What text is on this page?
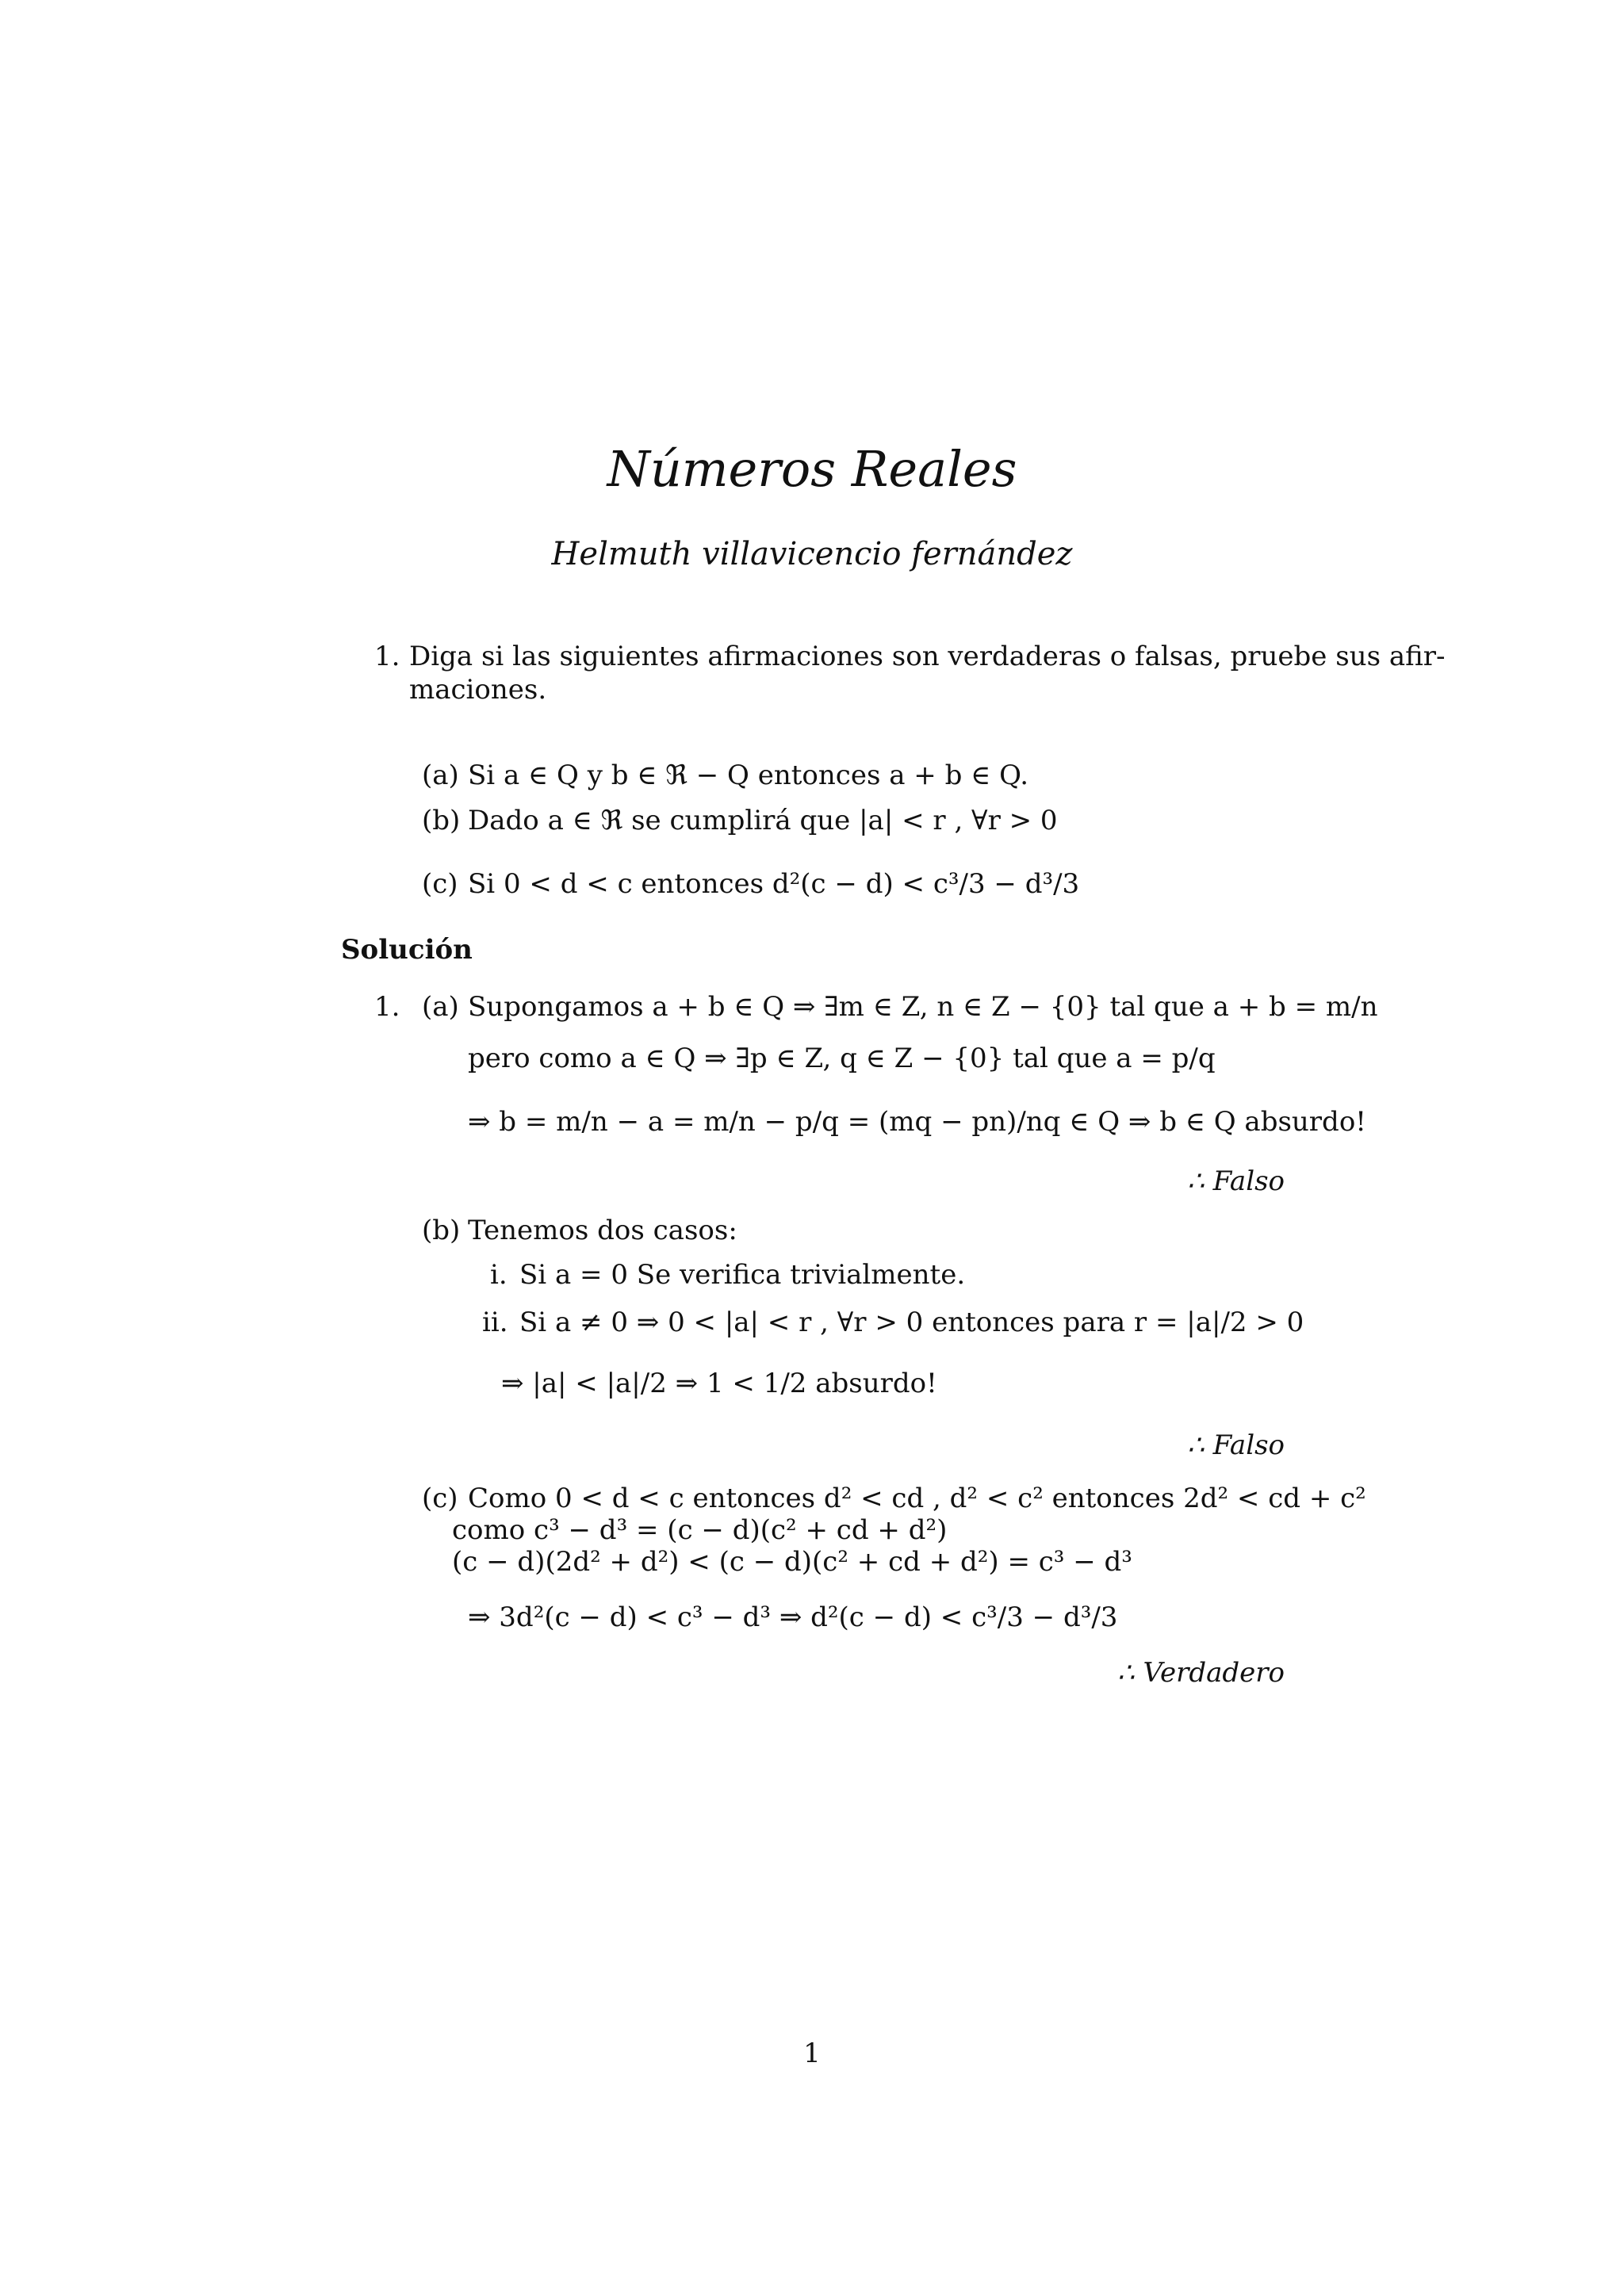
Números Reales
Helmuth villavicencio fernández
1. Diga si las siguientes afirmaciones son verdaderas o falsas, pruebe sus afir-
maciones.
(a) Si a ∈ Q y b ∈ ℜ − Q entonces a + b ∈ Q.
(b) Dado a ∈ ℜ se cumplirá que |a| < r , ∀r > 0
(c) Si 0 < d < c entonces d²(c − d) < c³/3 − d³/3
Solución
1. (a) Supongamos a + b ∈ Q ⇒ ∃m ∈ Z, n ∈ Z − {0} tal que a + b = m/n
pero como a ∈ Q ⇒ ∃p ∈ Z, q ∈ Z − {0} tal que a = p/q
⇒ b = m/n − a = m/n − p/q = (mq − pn)/nq ∈ Q ⇒ b ∈ Q absurdo!
∴ Falso
(b) Tenemos dos casos:
i. Si a = 0 Se verifica trivialmente.
ii. Si a ≠ 0 ⇒ 0 < |a| < r , ∀r > 0 entonces para r = |a|/2 > 0
⇒ |a| < |a|/2 ⇒ 1 < 1/2 absurdo!
∴ Falso
(c) Como 0 < d < c entonces d² < cd , d² < c² entonces 2d² < cd + c²
como c³ − d³ = (c − d)(c² + cd + d²)
(c − d)(2d² + d²) < (c − d)(c² + cd + d²) = c³ − d³
⇒ 3d²(c − d) < c³ − d³ ⇒ d²(c − d) < c³/3 − d³/3
∴ Verdadero
1
